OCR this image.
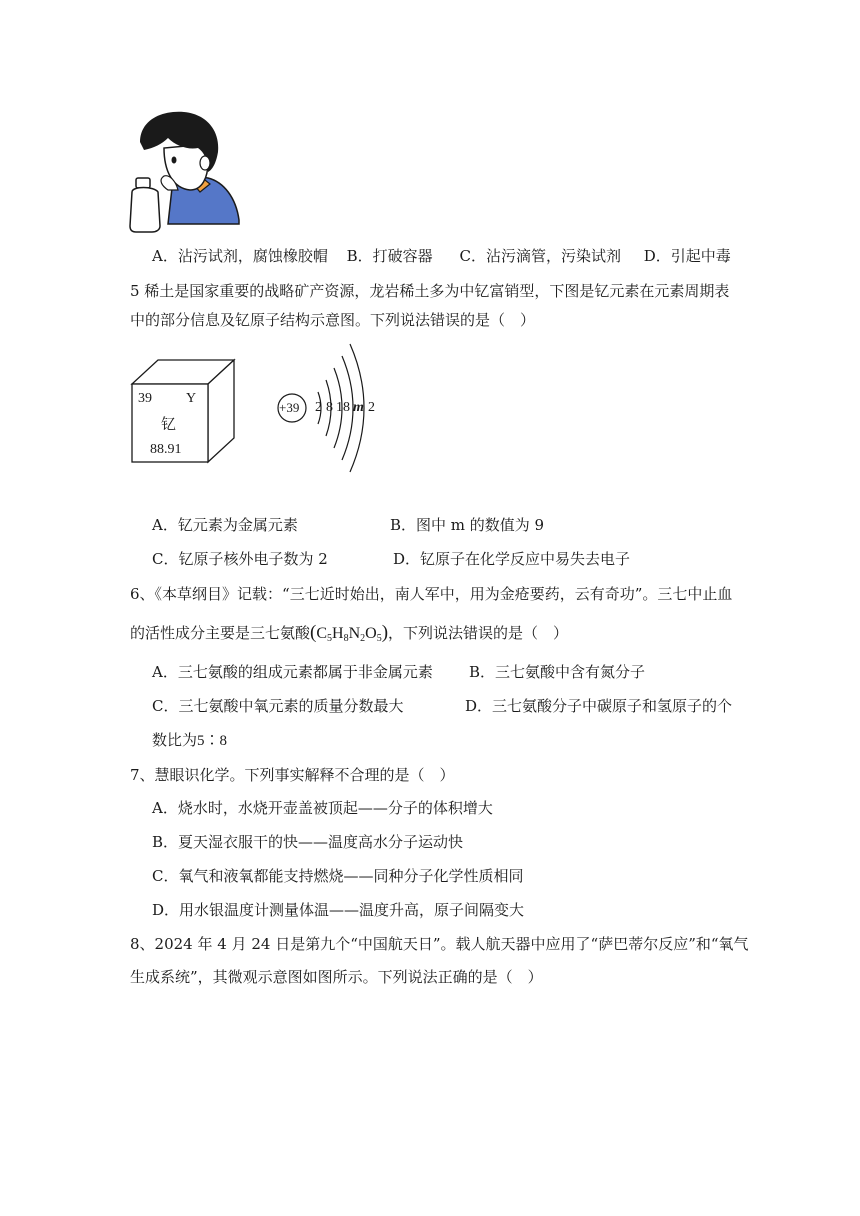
A．沾污试剂，腐蚀橡胶帽 B．打破容器 C．沾污滴管，污染试剂 D．引起中毒
5 稀土是国家重要的战略矿产资源，龙岩稀土多为中钇富销型，下图是钇元素在元素周期表
中的部分信息及钇原子结构示意图。下列说法错误的是（　）
39 Y
钇
88.91
+39 2 8 18 m 2
A．钇元素为金属元素	B．图中 m 的数值为 9
C．钇原子核外电子数为 2	D．钇原子在化学反应中易失去电子
6、《本草纲目》记载：“三七近时始出，南人军中，用为金疮要药，云有奇功”。三七中止血
的活性成分主要是三七氨酸$(C_5H_8N_2O_5)$，下列说法错误的是（　）
A．三七氨酸的组成元素都属于非金属元素 B．三七氨酸中含有氮分子
C．三七氨酸中氧元素的质量分数最大	D．三七氨酸分子中碳原子和氢原子的个
数比为5∶8
7、慧眼识化学。下列事实解释不合理的是（　）
A．烧水时，水烧开壶盖被顶起——分子的体积增大
B．夏天湿衣服干的快——温度高水分子运动快
C．氧气和液氧都能支持燃烧——同种分子化学性质相同
D．用水银温度计测量体温——温度升高，原子间隔变大
8、2024 年 4 月 24 日是第九个“中国航天日”。载人航天器中应用了“萨巴蒂尔反应”和“氧气
生成系统”，其微观示意图如图所示。下列说法正确的是（　）
